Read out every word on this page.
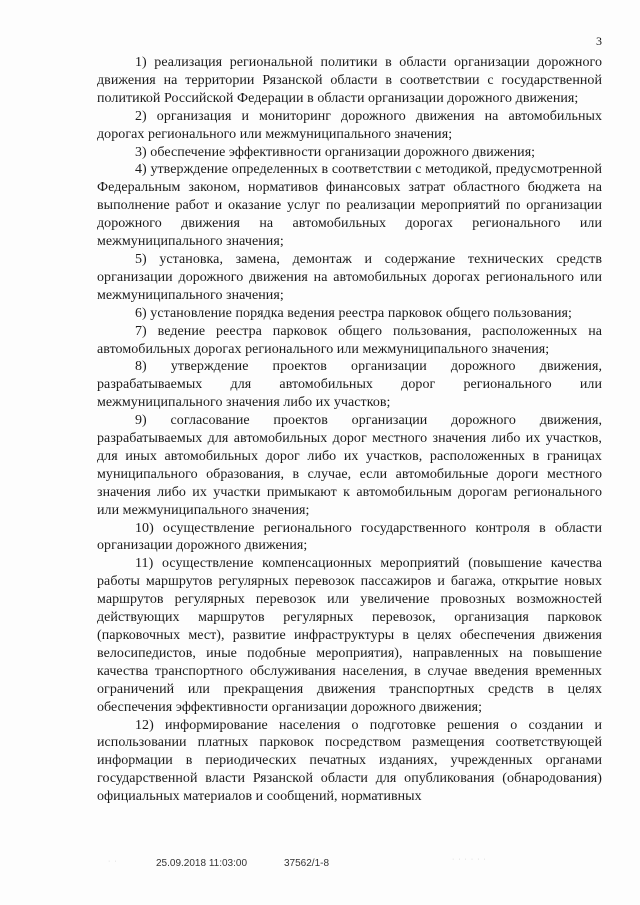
3

1) реализация региональной политики в области организации дорожного движения на территории Рязанской области в соответствии с государственной политикой Российской Федерации в области организации дорожного движения;

2) организация и мониторинг дорожного движения на автомобильных дорогах регионального или межмуниципального значения;

3) обеспечение эффективности организации дорожного движения;

4) утверждение определенных в соответствии с методикой, предусмотренной Федеральным законом, нормативов финансовых затрат областного бюджета на выполнение работ и оказание услуг по реализации мероприятий по организации дорожного движения на автомобильных дорогах регионального или межмуниципального значения;

5) установка, замена, демонтаж и содержание технических средств организации дорожного движения на автомобильных дорогах регионального или межмуниципального значения;

6) установление порядка ведения реестра парковок общего пользования;

7) ведение реестра парковок общего пользования, расположенных на автомобильных дорогах регионального или межмуниципального значения;

8) утверждение проектов организации дорожного движения, разрабатываемых для автомобильных дорог регионального или межмуниципального значения либо их участков;

9) согласование проектов организации дорожного движения, разрабатываемых для автомобильных дорог местного значения либо их участков, для иных автомобильных дорог либо их участков, расположенных в границах муниципального образования, в случае, если автомобильные дороги местного значения либо их участки примыкают к автомобильным дорогам регионального или межмуниципального значения;

10) осуществление регионального государственного контроля в области организации дорожного движения;

11) осуществление компенсационных мероприятий (повышение качества работы маршрутов регулярных перевозок пассажиров и багажа, открытие новых маршрутов регулярных перевозок или увеличение провозных возможностей действующих маршрутов регулярных перевозок, организация парковок (парковочных мест), развитие инфраструктуры в целях обеспечения движения велосипедистов, иные подобные мероприятия), направленных на повышение качества транспортного обслуживания населения, в случае введения временных ограничений или прекращения движения транспортных средств в целях обеспечения эффективности организации дорожного движения;

12) информирование населения о подготовке решения о создании и использовании платных парковок посредством размещения соответствующей информации в периодических печатных изданиях, учрежденных органами государственной власти Рязанской области для опубликования (обнародования) официальных материалов и сообщений, нормативных

· ·	25.09.2018 11:03:00	37562/1-8	· · · · · ·
